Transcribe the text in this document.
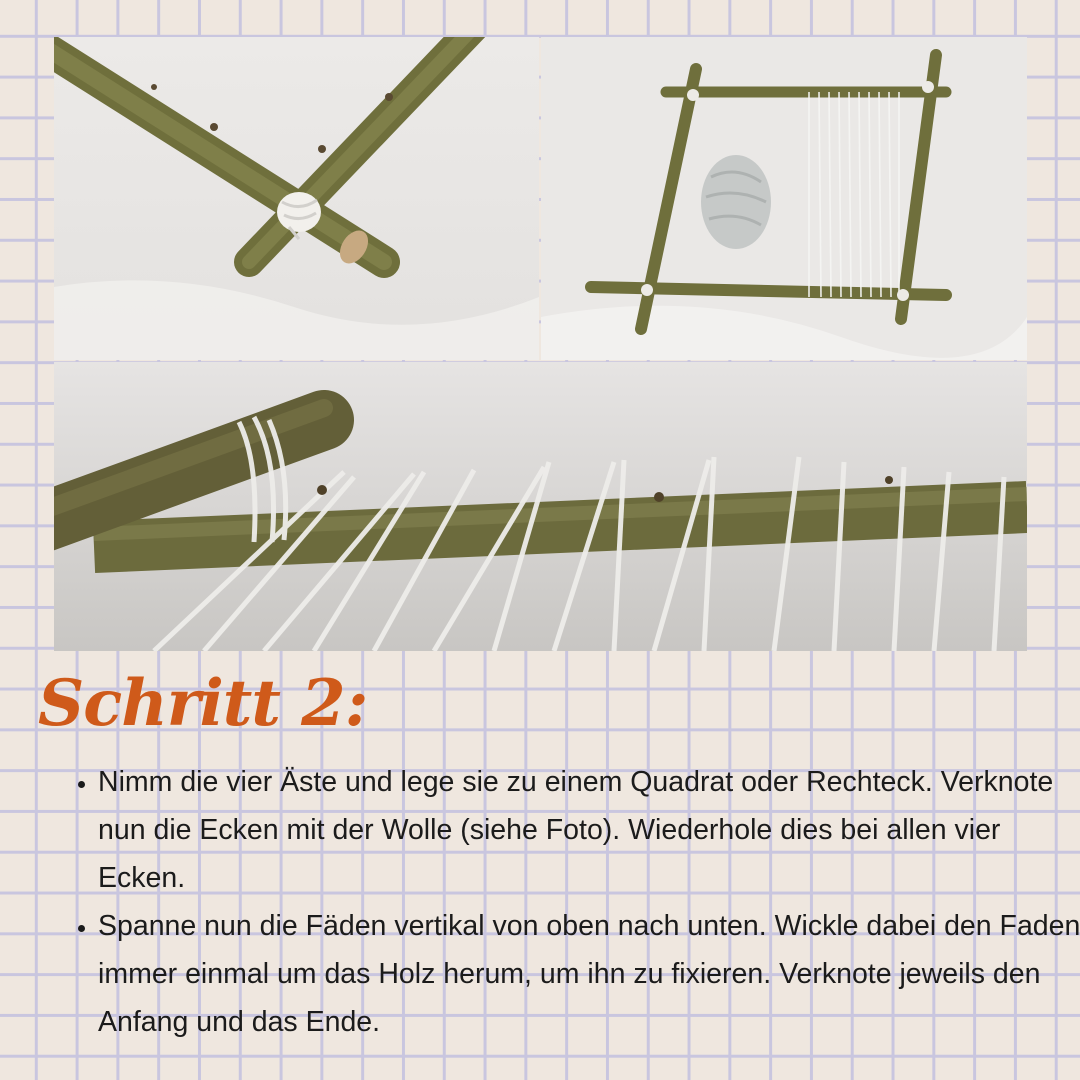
Schritt 2:
• Nimm die vier Äste und lege sie zu einem Quadrat oder Rechteck. Verknote nun die Ecken mit der Wolle (siehe Foto). Wiederhole dies bei allen vier Ecken.
• Spanne nun die Fäden vertikal von oben nach unten. Wickle dabei den Faden immer einmal um das Holz herum, um ihn zu fixieren. Verknote jeweils den Anfang und das Ende.
